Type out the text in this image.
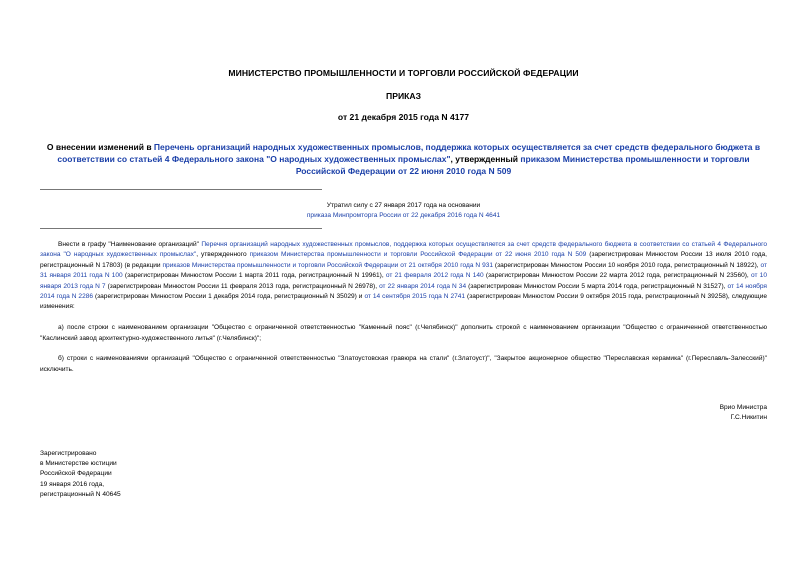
МИНИСТЕРСТВО ПРОМЫШЛЕННОСТИ И ТОРГОВЛИ РОССИЙСКОЙ ФЕДЕРАЦИИ
ПРИКАЗ
от 21 декабря 2015 года N 4177
О внесении изменений в Перечень организаций народных художественных промыслов, поддержка которых осуществляется за счет средств федерального бюджета в соответствии со статьей 4 Федерального закона "О народных художественных промыслах", утвержденный приказом Министерства промышленности и торговли Российской Федерации от 22 июня 2010 года N 509
Утратил силу с 27 января 2017 года на основании
приказа Минпромторга России от 22 декабря 2016 года N 4641

Внести в графу "Наименование организаций" Перечня организаций народных художественных промыслов, поддержка которых осуществляется за счет средств федерального бюджета в соответствии со статьей 4 Федерального закона "О народных художественных промыслах", утвержденного приказом Министерства промышленности и торговли Российской Федерации от 22 июня 2010 года N 509 (зарегистрирован Минюстом России 13 июля 2010 года, регистрационный N 17803) (в редакции приказов Министерства промышленности и торговли Российской Федерации от 21 октября 2010 года N 931 (зарегистрирован Минюстом России 10 ноября 2010 года, регистрационный N 18922), от 31 января 2011 года N 100 (зарегистрирован Минюстом России 1 марта 2011 года, регистрационный N 19961), от 21 февраля 2012 года N 140 (зарегистрирован Минюстом России 22 марта 2012 года, регистрационный N 23560), от 10 января 2013 года N 7 (зарегистрирован Минюстом России 11 февраля 2013 года, регистрационный N 26978), от 22 января 2014 года N 34 (зарегистрирован Минюстом России 5 марта 2014 года, регистрационный N 31527), от 14 ноября 2014 года N 2286 (зарегистрирован Минюстом России 1 декабря 2014 года, регистрационный N 35029) и от 14 сентября 2015 года N 2741 (зарегистрирован Минюстом России 9 октября 2015 года, регистрационный N 39258), следующие изменения:

а) после строки с наименованием организации "Общество с ограниченной ответственностью "Каменный пояс" (г.Челябинск)" дополнить строкой с наименованием организации "Общество с ограниченной ответственностью "Каслинский завод архитектурно-художественного литья" (г.Челябинск)";

б) строки с наименованиями организаций "Общество с ограниченной ответственностью "Златоустовская гравюра на стали" (г.Златоуст)", "Закрытое акционерное общество "Переславская керамика" (г.Переславль-Залесский)" исключить.

Врио Министра
Г.С.Никитин
Зарегистрировано
в Министерстве юстиции
Российской Федерации
19 января 2016 года,
регистрационный N 40645
